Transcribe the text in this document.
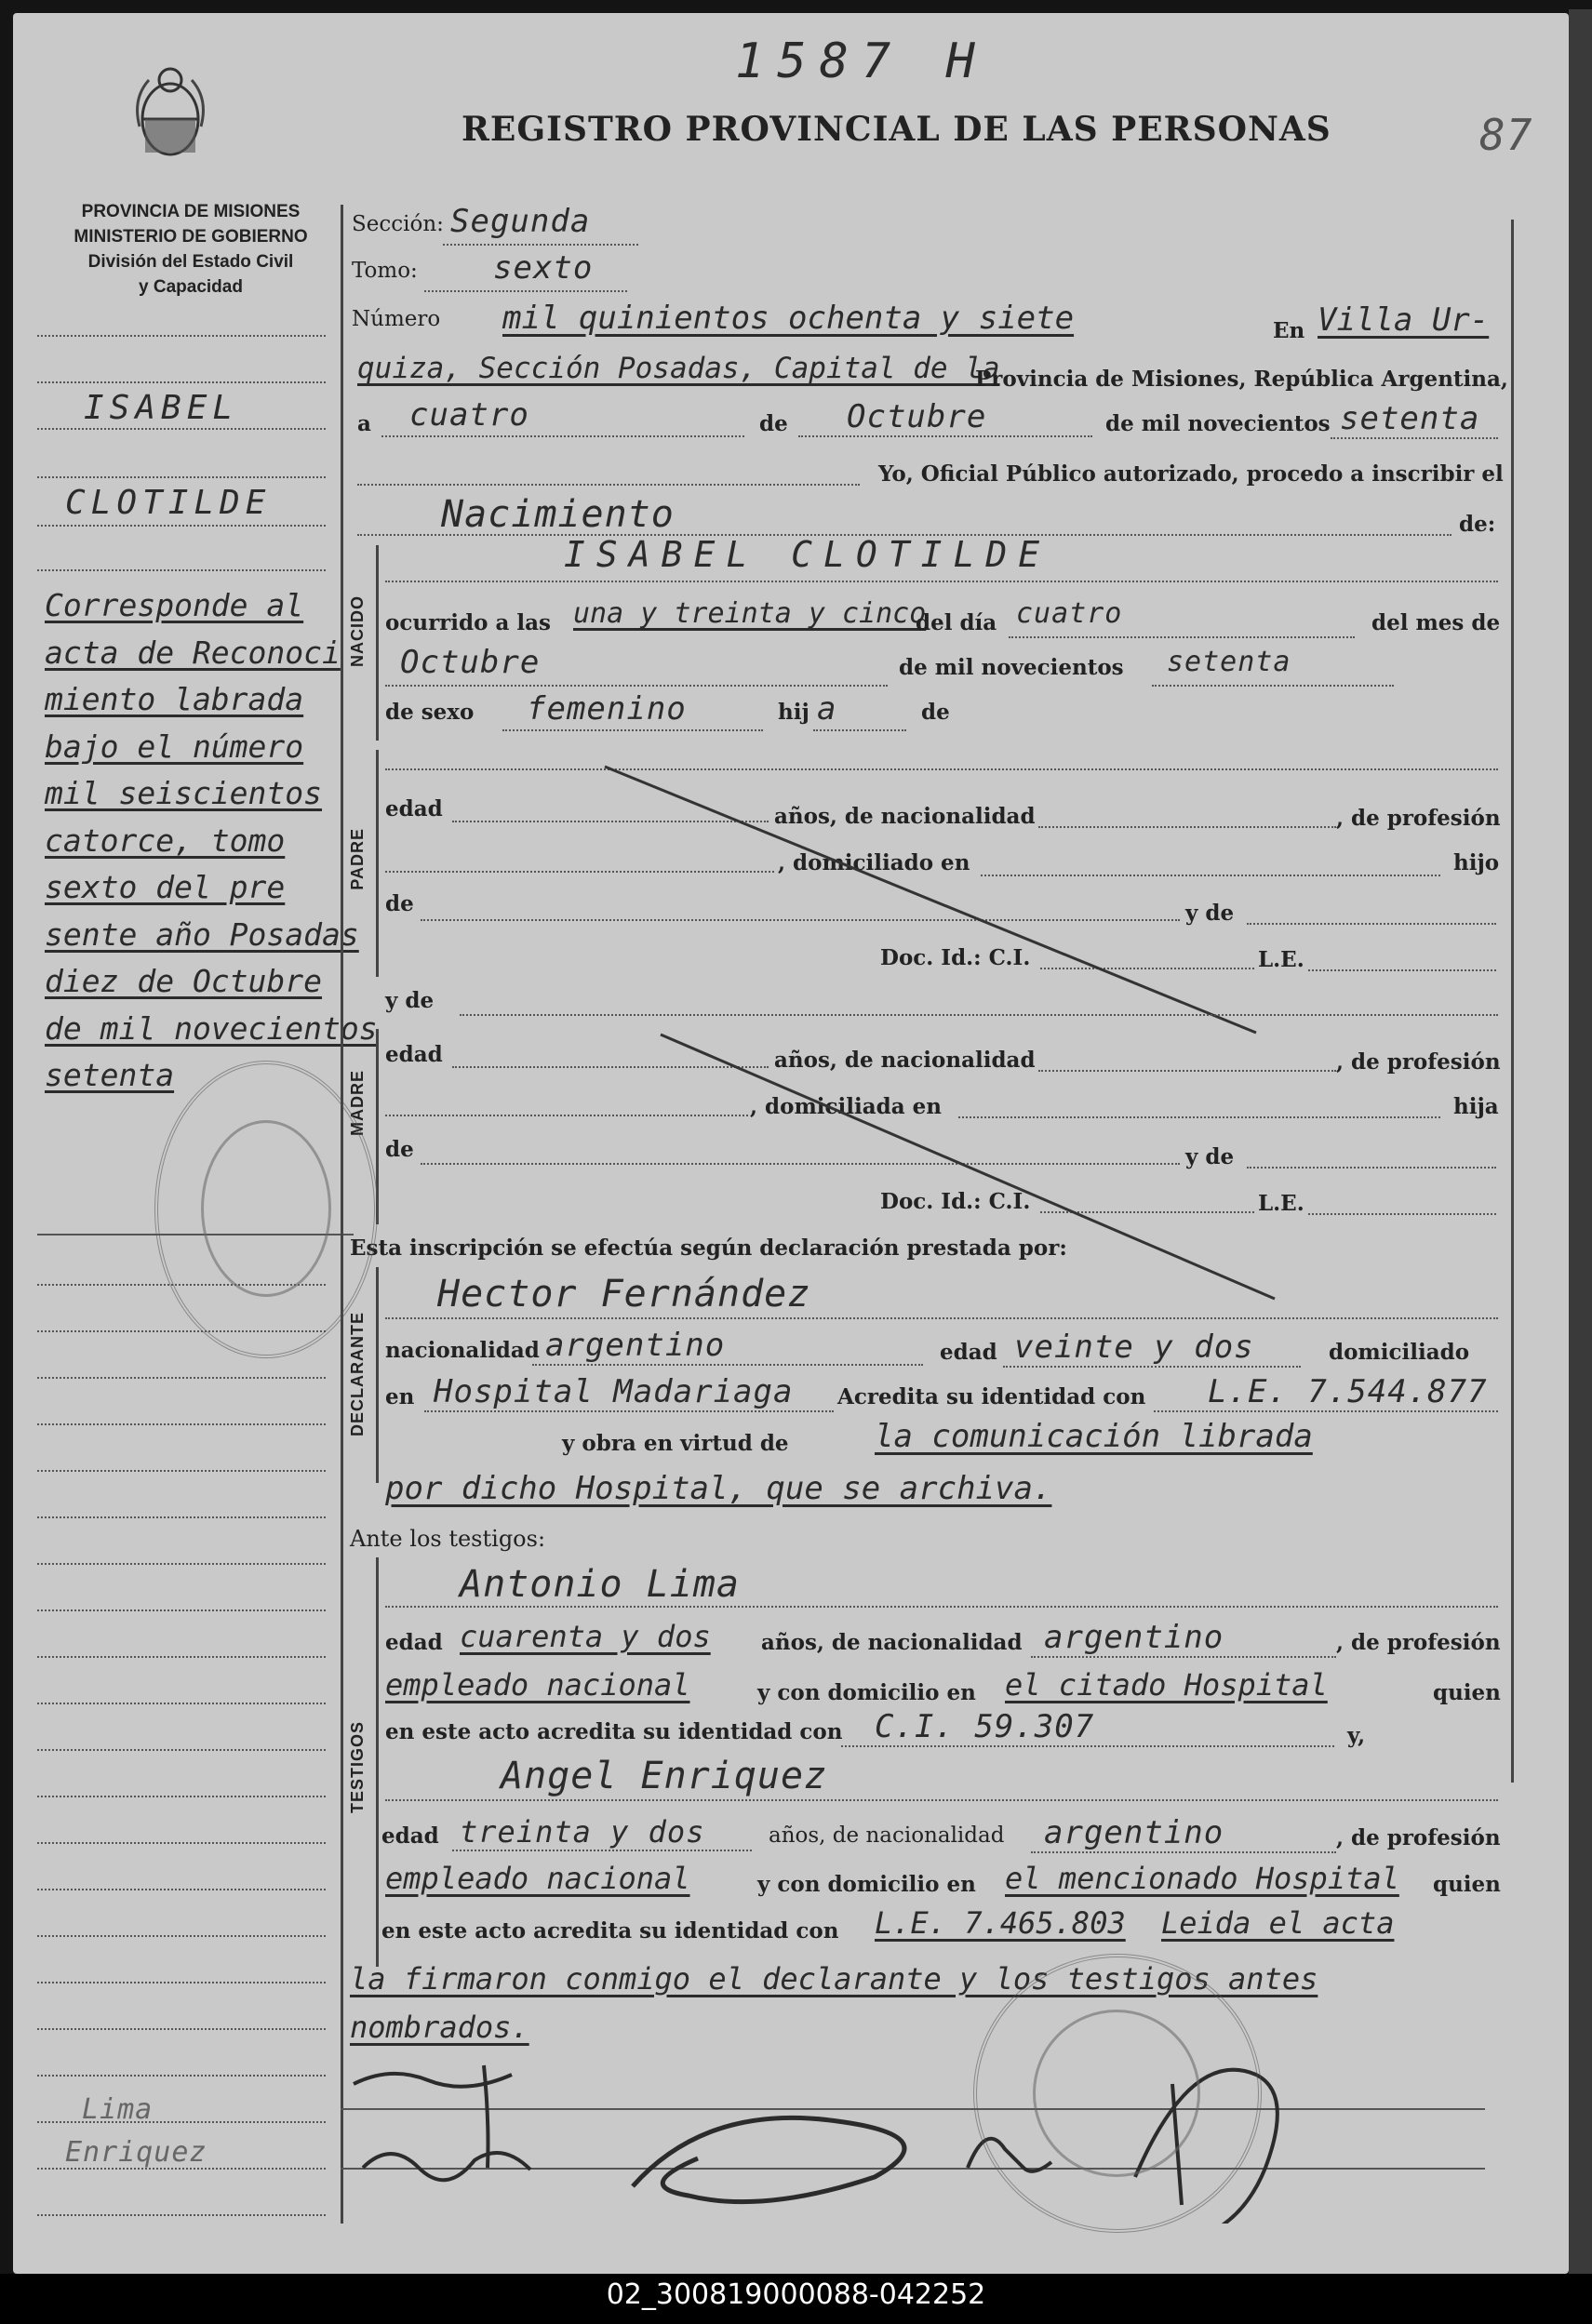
1587 H
REGISTRO PROVINCIAL DE LAS PERSONAS	87
PROVINCIA DE MISIONES
MINISTERIO DE GOBIERNO
División del Estado Civil
y Capacidad
ISABEL
CLOTILDE
Corresponde al
acta de Reconoci
miento labrada
bajo el número
mil seiscientos
catorce, tomo
sexto del pre
sente año Posadas
diez de Octubre
de mil novecientos
setenta
Lima
Enriquez
Sección: Segunda
Tomo: sexto
Número mil quinientos ochenta y siete	En Villa Ur-
quiza, Sección Posadas, Capital de la
Provincia de Misiones, República Argentina,
a cuatro	de Octubre	de mil novecientos setenta
Yo, Oficial Público autorizado, procedo a inscribir el
Nacimiento	de:
NACIDO
ISABEL CLOTILDE
ocurrido a las una y treinta y cinco
del día cuatro	del mes de
Octubre	de mil novecientos setenta
de sexo femenino	hij a	de
PADRE
edad	años, de nacionalidad	, de profesión
, domiciliado en	hijo
de	y de
Doc. Id.: C.I.	L.E.
y de
MADRE
edad	años, de nacionalidad	, de profesión
, domiciliada en	hija
de	y de
Doc. Id.: C.I.	L.E.
Esta inscripción se efectúa según declaración prestada por:
DECLARANTE
Hector Fernández
nacionalidad argentino	edad veinte y dos	domiciliado
en Hospital Madariaga Acredita su identidad con L.E. 7.544.877
y obra en virtud de	la comunicación librada
por dicho Hospital, que se archiva.
Ante los testigos:
TESTIGOS
Antonio Lima
edad cuarenta y dos años, de nacionalidad argentino	, de profesión
empleado nacional	y con domicilio en el citado Hospital	quien
en este acto acredita su identidad con C.I. 59.307	y,
Angel Enriquez
edad treinta y dos	años, de nacionalidad argentino	, de profesión
empleado nacional	y con domicilio en el mencionado Hospital quien
en este acto acredita su identidad con L.E. 7.465.803 Leida el acta
la firmaron conmigo el declarante y los testigos antes
nombrados.
02_300819000088-042252
